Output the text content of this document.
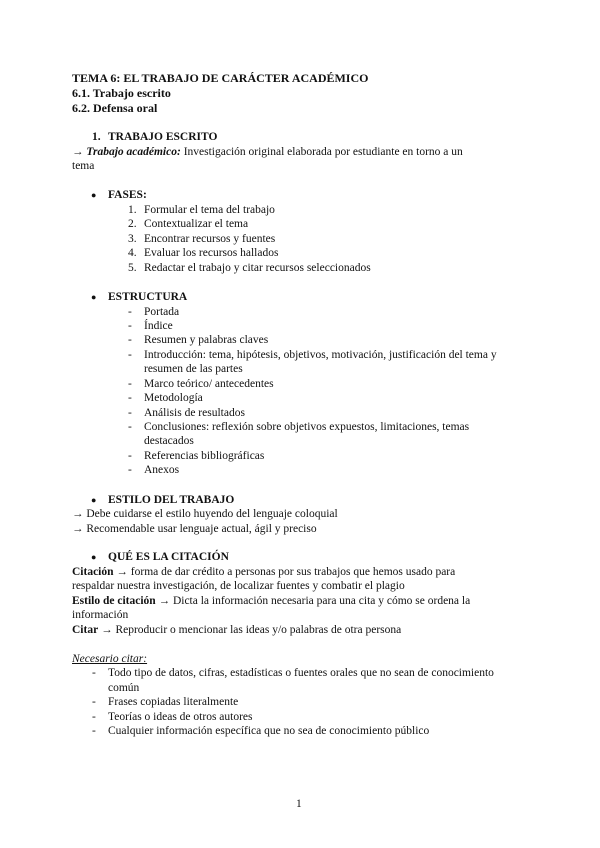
TEMA 6: EL TRABAJO DE CARÁCTER ACADÉMICO
6.1. Trabajo escrito
6.2. Defensa oral
1. TRABAJO ESCRITO
→ Trabajo académico: Investigación original elaborada por estudiante en torno a un
tema
● FASES:
1. Formular el tema del trabajo
2. Contextualizar el tema
3. Encontrar recursos y fuentes
4. Evaluar los recursos hallados
5. Redactar el trabajo y citar recursos seleccionados
● ESTRUCTURA
- Portada
- Índice
- Resumen y palabras claves
- Introducción: tema, hipótesis, objetivos, motivación, justificación del tema y
resumen de las partes
- Marco teórico/ antecedentes
- Metodología
- Análisis de resultados
- Conclusiones: reflexión sobre objetivos expuestos, limitaciones, temas
destacados
- Referencias bibliográficas
- Anexos
● ESTILO DEL TRABAJO
→ Debe cuidarse el estilo huyendo del lenguaje coloquial
→ Recomendable usar lenguaje actual, ágil y preciso
● QUÉ ES LA CITACIÓN
Citación → forma de dar crédito a personas por sus trabajos que hemos usado para
respaldar nuestra investigación, de localizar fuentes y combatir el plagio
Estilo de citación → Dicta la información necesaria para una cita y cómo se ordena la
información
Citar → Reproducir o mencionar las ideas y/o palabras de otra persona
Necesario citar:
- Todo tipo de datos, cifras, estadísticas o fuentes orales que no sean de conocimiento
común
- Frases copiadas literalmente
- Teorías o ideas de otros autores
- Cualquier información específica que no sea de conocimiento público
1
